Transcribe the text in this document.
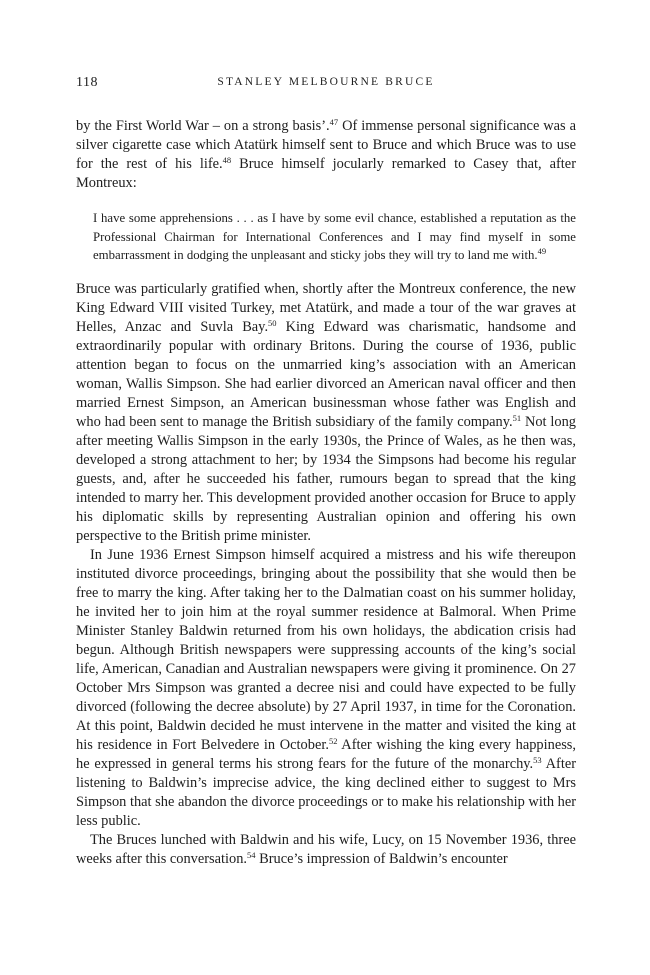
118	STANLEY MELBOURNE BRUCE

by the First World War – on a strong basis’.$^{47}$ Of immense personal significance was a silver cigarette case which Atatürk himself sent to Bruce and which Bruce was to use for the rest of his life.$^{48}$ Bruce himself jocularly remarked to Casey that, after Montreux:

I have some apprehensions . . . as I have by some evil chance, established a reputation as the Professional Chairman for International Conferences and I may find myself in some embarrassment in dodging the unpleasant and sticky jobs they will try to land me with.$^{49}$

Bruce was particularly gratified when, shortly after the Montreux conference, the new King Edward VIII visited Turkey, met Atatürk, and made a tour of the war graves at Helles, Anzac and Suvla Bay.$^{50}$ King Edward was charismatic, handsome and extraordinarily popular with ordinary Britons. During the course of 1936, public attention began to focus on the unmarried king’s association with an American woman, Wallis Simpson. She had earlier divorced an American naval officer and then married Ernest Simpson, an American businessman whose father was English and who had been sent to manage the British subsidiary of the family company.$^{51}$ Not long after meeting Wallis Simpson in the early 1930s, the Prince of Wales, as he then was, developed a strong attachment to her; by 1934 the Simpsons had become his regular guests, and, after he succeeded his father, rumours began to spread that the king intended to marry her. This development provided another occasion for Bruce to apply his diplomatic skills by representing Australian opinion and offering his own perspective to the British prime minister.

In June 1936 Ernest Simpson himself acquired a mistress and his wife thereupon instituted divorce proceedings, bringing about the possibility that she would then be free to marry the king. After taking her to the Dalmatian coast on his summer holiday, he invited her to join him at the royal summer residence at Balmoral. When Prime Minister Stanley Baldwin returned from his own holidays, the abdication crisis had begun. Although British newspapers were suppressing accounts of the king’s social life, American, Canadian and Australian newspapers were giving it prominence. On 27 October Mrs Simpson was granted a decree nisi and could have expected to be fully divorced (following the decree absolute) by 27 April 1937, in time for the Coronation. At this point, Baldwin decided he must intervene in the matter and visited the king at his residence in Fort Belvedere in October.$^{52}$ After wishing the king every happiness, he expressed in general terms his strong fears for the future of the monarchy.$^{53}$ After listening to Baldwin’s imprecise advice, the king declined either to suggest to Mrs Simpson that she abandon the divorce proceedings or to make his relationship with her less public.

The Bruces lunched with Baldwin and his wife, Lucy, on 15 November 1936, three weeks after this conversation.$^{54}$ Bruce’s impression of Baldwin’s encounter
